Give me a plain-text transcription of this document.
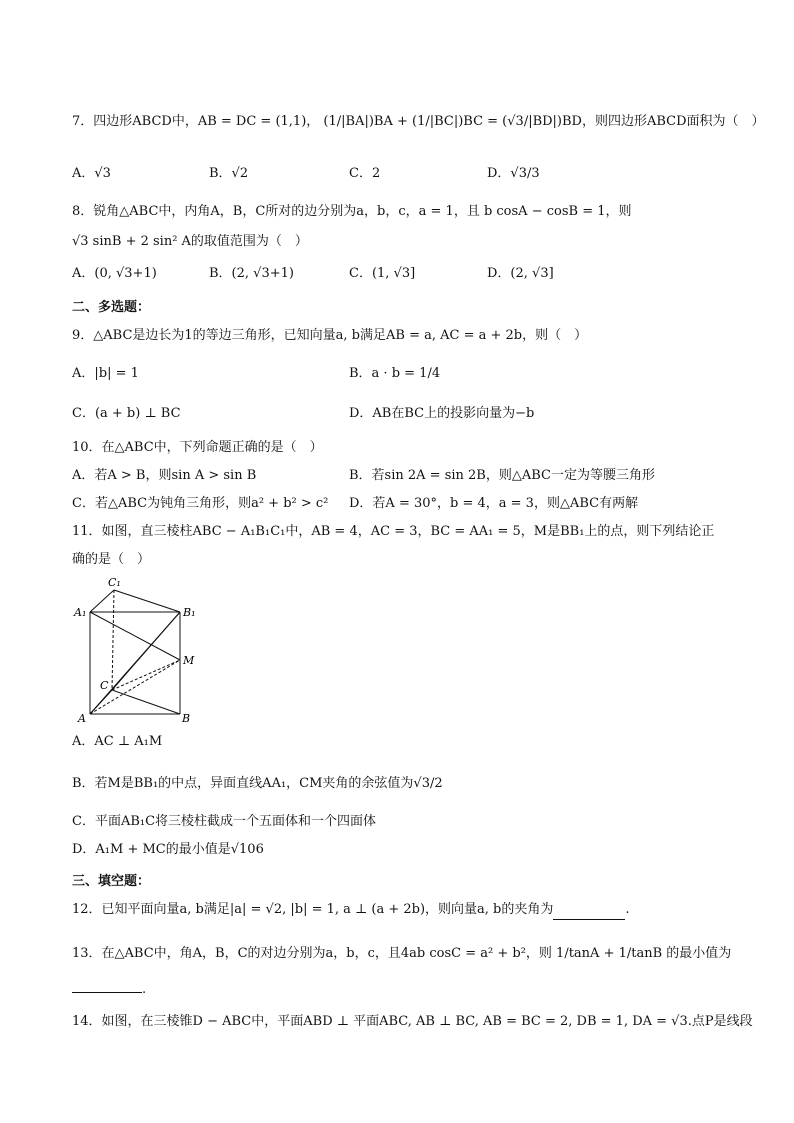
7．四边形ABCD中，AB = DC = (1,1)， (1/|BA|)BA + (1/|BC|)BC = (√3/|BD|)BD，则四边形ABCD面积为（　）
A．√3	B．√2	C．2	D．√3/3
8．锐角△ABC中，内角A，B，C所对的边分别为a，b，c，a = 1，且 b cosA − cosB = 1，则
√3 sinB + 2 sin² A的取值范围为（　）
A．(0, √3+1)	B．(2, √3+1)	C．(1, √3]	D．(2, √3]
二、多选题：
9．△ABC是边长为1的等边三角形，已知向量a, b满足AB = a, AC = a + 2b，则（　）
A．|b| = 1	B．a · b = 1/4
C．(a + b) ⊥ BC	D．AB在BC上的投影向量为−b
10．在△ABC中，下列命题正确的是（　）
A．若A > B，则sin A > sin B	B．若sin 2A = sin 2B，则△ABC一定为等腰三角形
C．若△ABC为钝角三角形，则a² + b² > c² D．若A = 30°，b = 4，a = 3，则△ABC有两解
11．如图，直三棱柱ABC − A₁B₁C₁中，AB = 4，AC = 3，BC = AA₁ = 5，M是BB₁上的点，则下列结论正
确的是（　）
C₁
A₁	B₁
M
C
A	B
A．AC ⊥ A₁M
B．若M是BB₁的中点，异面直线AA₁，CM夹角的余弦值为√3/2
C．平面AB₁C将三棱柱截成一个五面体和一个四面体
D．A₁M + MC的最小值是√106
三、填空题：
12．已知平面向量a, b满足|a| = √2, |b| = 1, a ⊥ (a + 2b)，则向量a, b的夹角为	.
13．在△ABC中，角A，B，C的对边分别为a，b，c，且4ab cosC = a² + b²，则 1/tanA + 1/tanB 的最小值为
.
14．如图，在三棱锥D − ABC中，平面ABD ⊥ 平面ABC, AB ⊥ BC, AB = BC = 2, DB = 1, DA = √3.点P是线段
